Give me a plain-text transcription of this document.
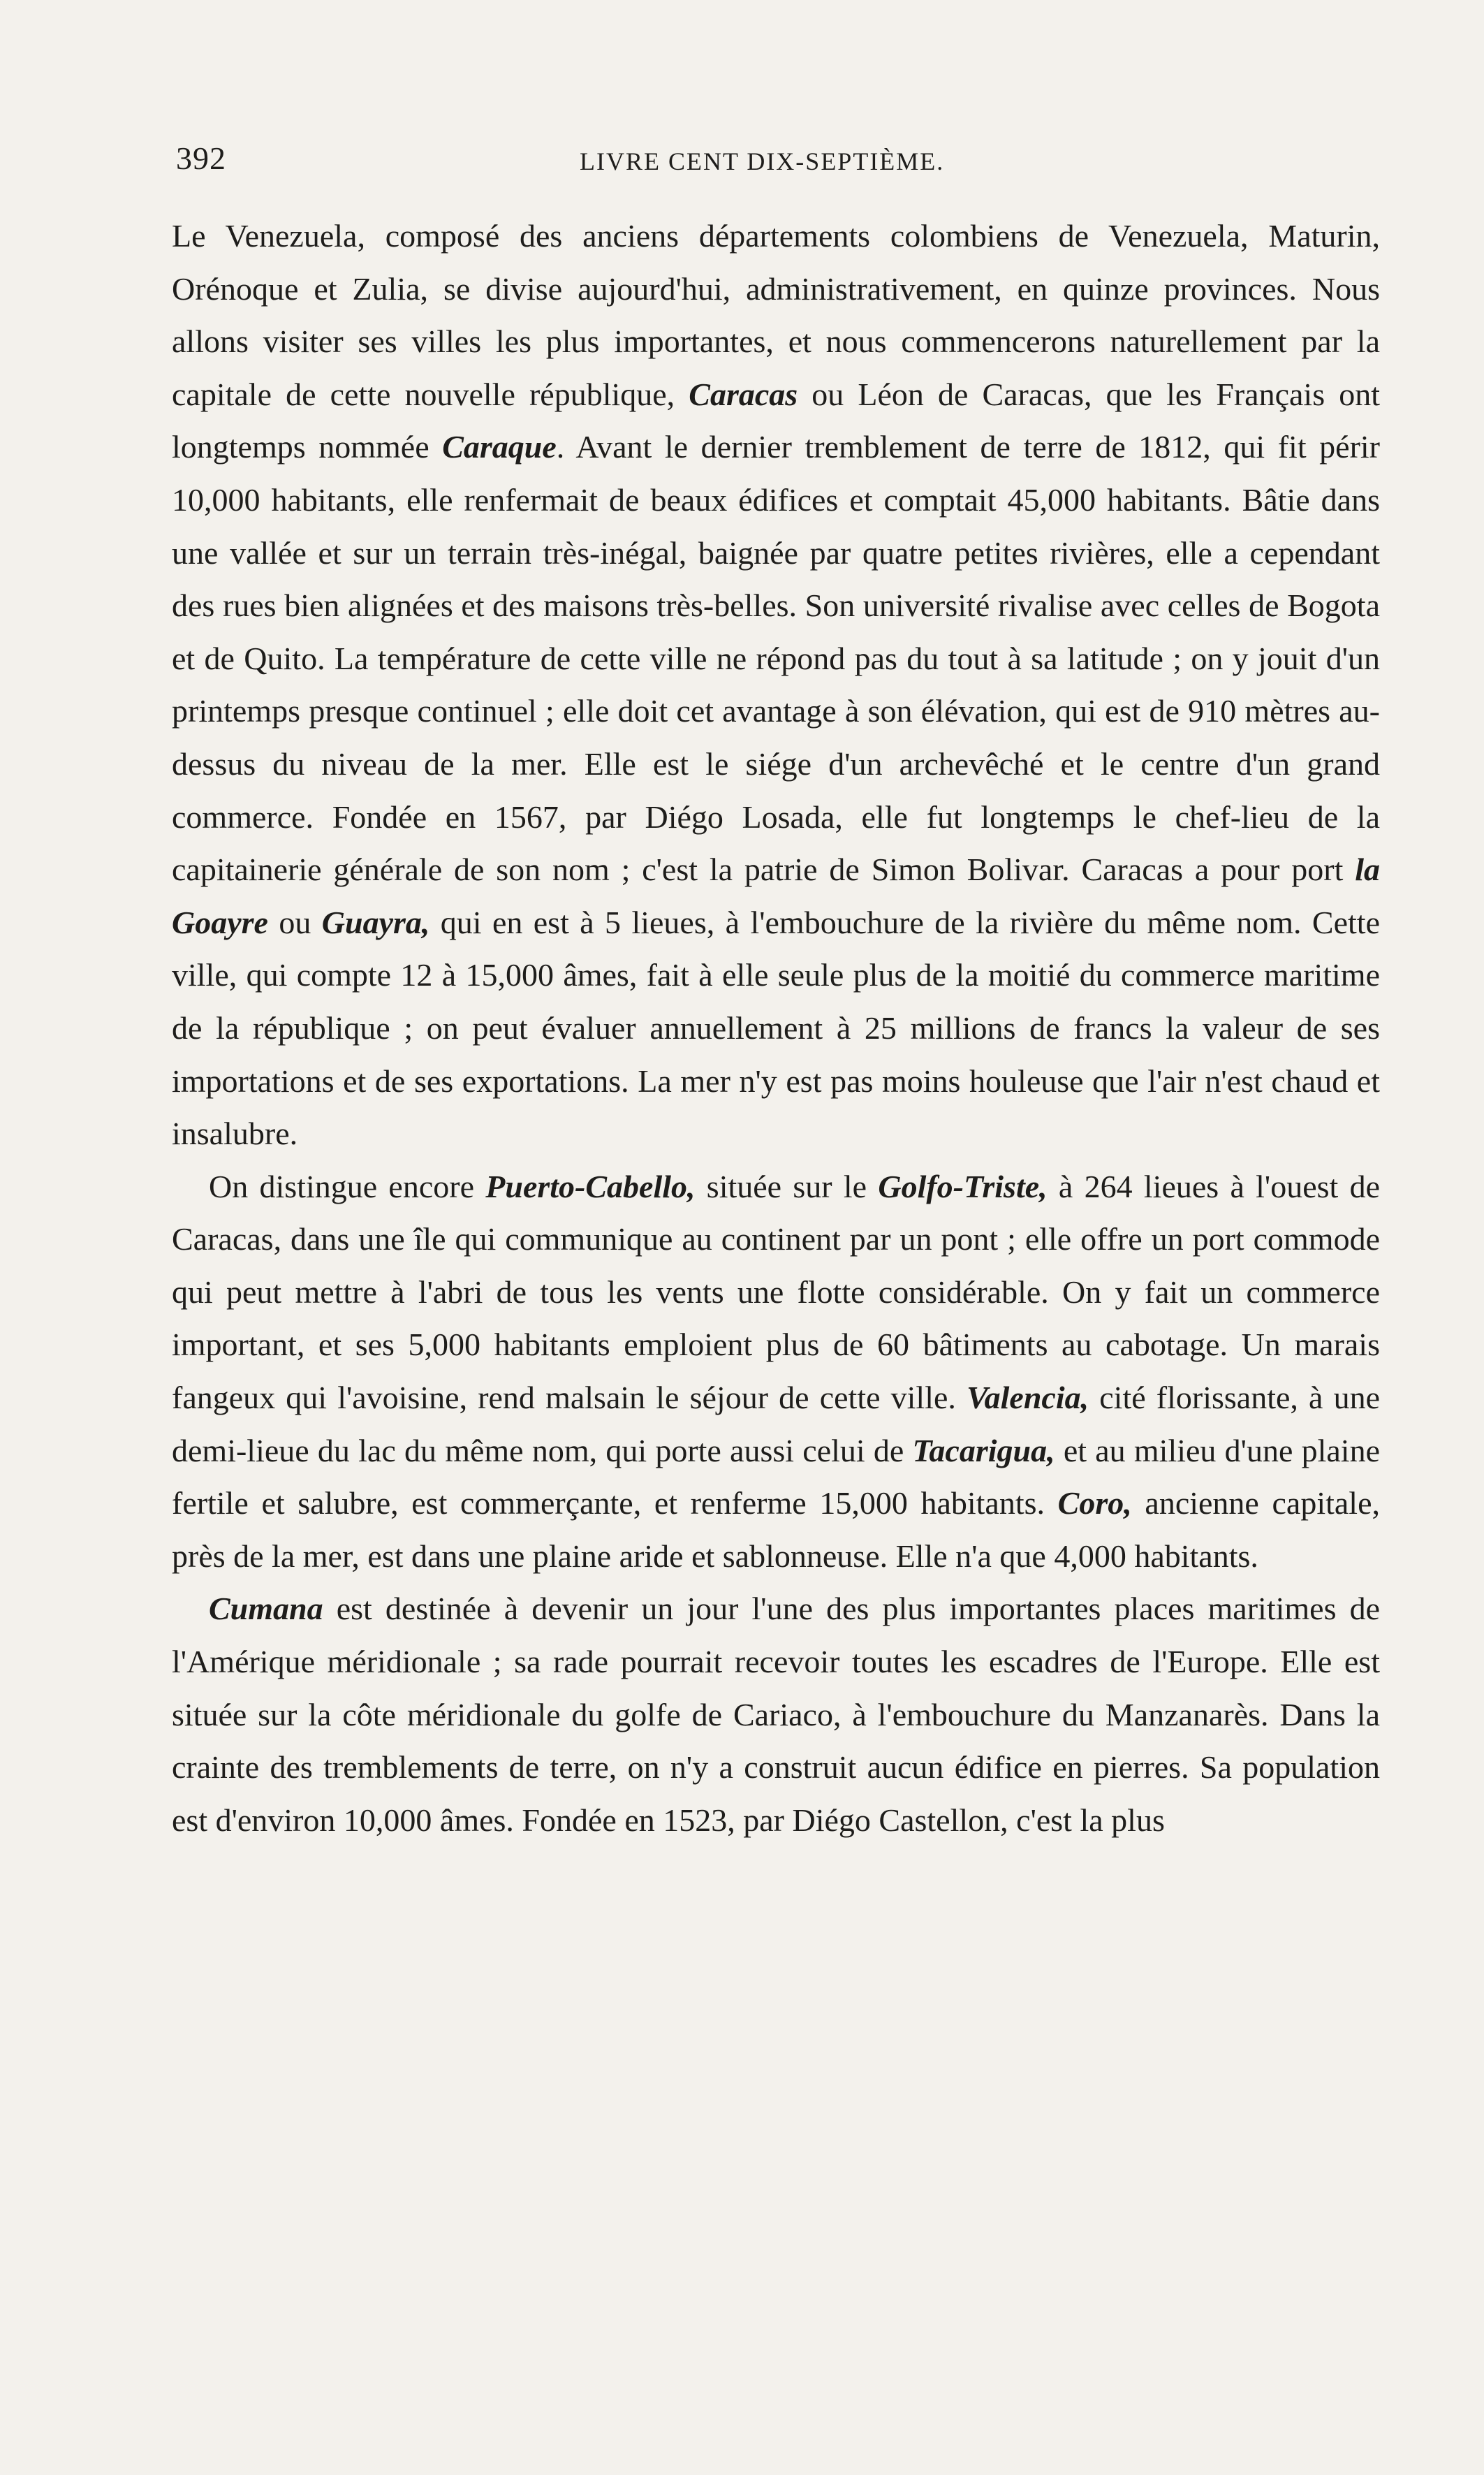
392	LIVRE CENT DIX-SEPTIÈME.

Le Venezuela, composé des anciens départements colombiens de Venezuela, Maturin, Orénoque et Zulia, se divise aujourd'hui, administrativement, en quinze provinces. Nous allons visiter ses villes les plus importantes, et nous commencerons naturellement par la capitale de cette nouvelle république, Caracas ou Léon de Caracas, que les Français ont longtemps nommée Caraque. Avant le dernier tremblement de terre de 1812, qui fit périr 10,000 habitants, elle renfermait de beaux édifices et comptait 45,000 habitants. Bâtie dans une vallée et sur un terrain très-inégal, baignée par quatre petites rivières, elle a cependant des rues bien alignées et des maisons très-belles. Son université rivalise avec celles de Bogota et de Quito. La température de cette ville ne répond pas du tout à sa latitude ; on y jouit d'un printemps presque continuel ; elle doit cet avantage à son élévation, qui est de 910 mètres au-dessus du niveau de la mer. Elle est le siége d'un archevêché et le centre d'un grand commerce. Fondée en 1567, par Diégo Losada, elle fut longtemps le chef-lieu de la capitainerie générale de son nom ; c'est la patrie de Simon Bolivar. Caracas a pour port la Goayre ou Guayra, qui en est à 5 lieues, à l'embouchure de la rivière du même nom. Cette ville, qui compte 12 à 15,000 âmes, fait à elle seule plus de la moitié du commerce maritime de la république ; on peut évaluer annuellement à 25 millions de francs la valeur de ses importations et de ses exportations. La mer n'y est pas moins houleuse que l'air n'est chaud et insalubre.

On distingue encore Puerto-Cabello, située sur le Golfo-Triste, à 264 lieues à l'ouest de Caracas, dans une île qui communique au continent par un pont ; elle offre un port commode qui peut mettre à l'abri de tous les vents une flotte considérable. On y fait un commerce important, et ses 5,000 habitants emploient plus de 60 bâtiments au cabotage. Un marais fangeux qui l'avoisine, rend malsain le séjour de cette ville. Valencia, cité florissante, à une demi-lieue du lac du même nom, qui porte aussi celui de Tacarigua, et au milieu d'une plaine fertile et salubre, est commerçante, et renferme 15,000 habitants. Coro, ancienne capitale, près de la mer, est dans une plaine aride et sablonneuse. Elle n'a que 4,000 habitants.

Cumana est destinée à devenir un jour l'une des plus importantes places maritimes de l'Amérique méridionale ; sa rade pourrait recevoir toutes les escadres de l'Europe. Elle est située sur la côte méridionale du golfe de Cariaco, à l'embouchure du Manzanarès. Dans la crainte des tremblements de terre, on n'y a construit aucun édifice en pierres. Sa population est d'environ 10,000 âmes. Fondée en 1523, par Diégo Castellon, c'est la plus
